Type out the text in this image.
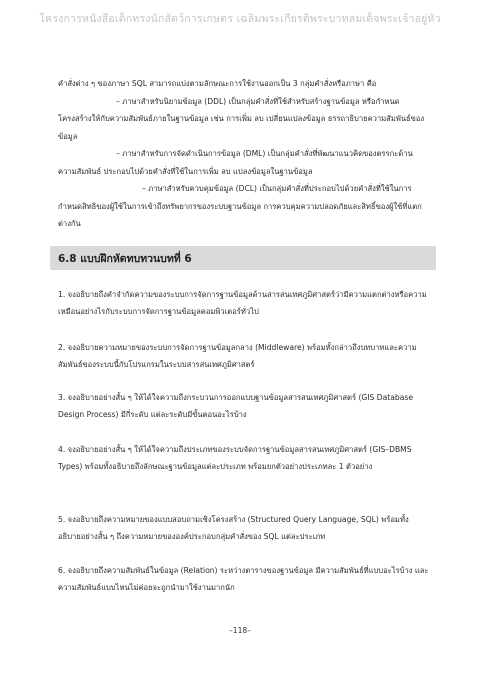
โครงการหนังสือเด็กทรงนักสัตว์การเกษตร เฉลิมพระเกียรติพระบาทสมเด็จพระเจ้าอยู่หัว

คำสั่งต่าง ๆ ของภาษา SQL สามารถแบ่งตามลักษณะการใช้งานออกเป็น 3 กลุ่มคำสั่งหรือภาษา คือ

– ภาษาสำหรับนิยามข้อมูล (DDL) เป็นกลุ่มคำสั่งที่ใช้สำหรับสร้างฐานข้อมูล หรือกำหนดโครงสร้างให้กับความสัมพันธ์ภายในฐานข้อมูล เช่น การเพิ่ม ลบ เปลี่ยนแปลงข้อมูล ธรรถาธิบายความสัมพันธ์ของข้อมูล

– ภาษาสำหรับการจัดดำเนินการข้อมูล (DML) เป็นกลุ่มคำสั่งที่พัฒนาแนวคิดของตรรกะด้านความสัมพันธ์ ประกอบไปด้วยคำสั่งที่ใช้ในการเพิ่ม ลบ แปลงข้อมูลในฐานข้อมูล

– ภาษาสำหรับควบคุมข้อมูล (DCL) เป็นกลุ่มคำสั่งที่ประกอบไปด้วยคำสั่งที่ใช้ในการกำหนดสิทธิของผู้ใช้ในการเข้าถึงทรัพยากรของระบบฐานข้อมูล การควบคุมความปลอดภัยและสิทธิ์ของผู้ใช้ที่แตกต่างกัน

6.8 แบบฝึกหัดทบทวนบทที่ 6

1. จงอธิบายถึงคำจำกัดความของระบบการจัดการฐานข้อมูลด้านสารสนเทศภูมิศาสตร์ว่ามีความแตกต่างหรือความเหมือนอย่างไรกับระบบการจัดการฐานข้อมูลคอมพิวเตอร์ทั่วไป

2. จงอธิบายความหมายของระบบการจัดการฐานข้อมูลกลาง (Middleware) พร้อมทั้งกล่าวถึงบทบาทและความสัมพันธ์ของระบบนี้กับโปรแกรมในระบบสารสนเทศภูมิศาสตร์

3. จงอธิบายอย่างสั้น ๆ ให้ได้ใจความถึงกระบวนการออกแบบฐานข้อมูลสารสนเทศภูมิศาสตร์ (GIS Database Design Process) มีกี่ระดับ แต่ละระดับมีขั้นตอนอะไรบ้าง

4. จงอธิบายอย่างสั้น ๆ ให้ได้ใจความถึงประเภทของระบบจัดการฐานข้อมูลสารสนเทศภูมิศาสตร์ (GIS–DBMS Types) พร้อมทั้งอธิบายถึงลักษณะฐานข้อมูลแต่ละประเภท พร้อมยกตัวอย่างประเภทละ 1 ตัวอย่าง

5. จงอธิบายถึงความหมายของแบบสอบถามเชิงโครงสร้าง (Structured Query Language, SQL) พร้อมทั้งอธิบายอย่างสั้น ๆ ถึงความหมายขององค์ประกอบกลุ่มคำสั่งของ SQL แต่ละประเภท

6. จงอธิบายถึงความสัมพันธ์ในข้อมูล (Relation) ระหว่างตารางของฐานข้อมูล มีความสัมพันธ์ที่แบบอะไรบ้าง และความสัมพันธ์แบบไหนไม่ค่อยจะถูกนำมาใช้งานมากนัก

–118–
